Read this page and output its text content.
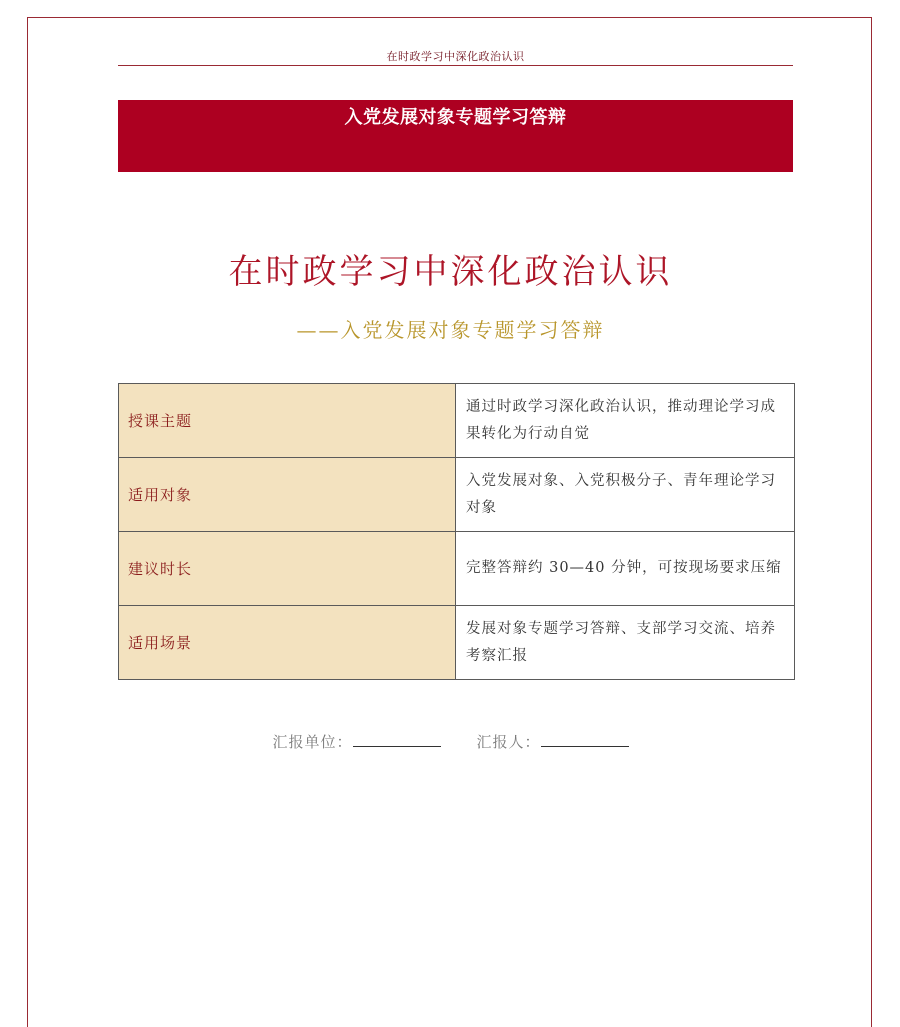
在时政学习中深化政治认识
入党发展对象专题学习答辩
在时政学习中深化政治认识
——入党发展对象专题学习答辩
授课主题	通过时政学习深化政治认识，推动理论学习成果转化为行动自觉
适用对象	入党发展对象、入党积极分子、青年理论学习对象
建议时长	完整答辩约 30—40 分钟，可按现场要求压缩
适用场景	发展对象专题学习答辩、支部学习交流、培养考察汇报
汇报单位：	汇报人：
